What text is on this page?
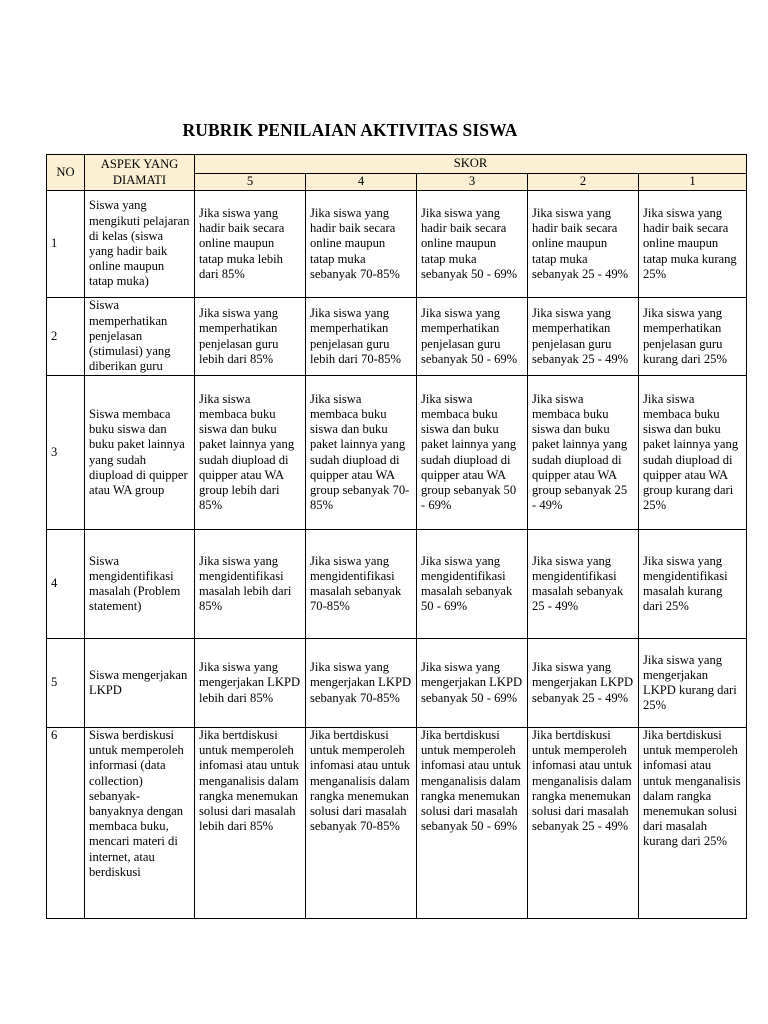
RUBRIK PENILAIAN AKTIVITAS SISWA
NO	ASPEK YANG DIAMATI	SKOR				
		5	4	3	2	1
1	Siswa yang mengikuti pelajaran di kelas (siswa yang hadir baik online maupun tatap muka)	Jika siswa yang hadir baik secara online maupun tatap muka lebih dari 85%	Jika siswa yang hadir baik secara online maupun tatap muka sebanyak 70-85%	Jika siswa yang hadir baik secara online maupun tatap muka sebanyak 50 - 69%	Jika siswa yang hadir baik secara online maupun tatap muka sebanyak 25 - 49%	Jika siswa yang hadir baik secara online maupun tatap muka kurang 25%
2	Siswa memperhatikan penjelasan (stimulasi) yang diberikan guru	Jika siswa yang memperhatikan penjelasan guru lebih dari 85%	Jika siswa yang memperhatikan penjelasan guru lebih dari 70-85%	Jika siswa yang memperhatikan penjelasan guru sebanyak 50 - 69%	Jika siswa yang memperhatikan penjelasan guru sebanyak 25 - 49%	Jika siswa yang memperhatikan penjelasan guru kurang dari 25%
3	Siswa membaca buku siswa dan buku paket lainnya yang sudah diupload di quipper atau WA group	Jika siswa membaca buku siswa dan buku paket lainnya yang sudah diupload di quipper atau WA group lebih dari 85%	Jika siswa membaca buku siswa dan buku paket lainnya yang sudah diupload di quipper atau WA group sebanyak 70-85%	Jika siswa membaca buku siswa dan buku paket lainnya yang sudah diupload di quipper atau WA group sebanyak 50 - 69%	Jika siswa membaca buku siswa dan buku paket lainnya yang sudah diupload di quipper atau WA group sebanyak 25 - 49%	Jika siswa membaca buku siswa dan buku paket lainnya yang sudah diupload di quipper atau WA group kurang dari 25%
4	Siswa mengidentifikasi masalah (Problem statement)	Jika siswa yang mengidentifikasi masalah lebih dari 85%	Jika siswa yang mengidentifikasi masalah sebanyak 70-85%	Jika siswa yang mengidentifikasi masalah sebanyak 50 - 69%	Jika siswa yang mengidentifikasi masalah sebanyak 25 - 49%	Jika siswa yang mengidentifikasi masalah kurang dari 25%
5	Siswa mengerjakan LKPD	Jika siswa yang mengerjakan LKPD lebih dari 85%	Jika siswa yang mengerjakan LKPD sebanyak 70-85%	Jika siswa yang mengerjakan LKPD sebanyak 50 - 69%	Jika siswa yang mengerjakan LKPD sebanyak 25 - 49%	Jika siswa yang mengerjakan LKPD kurang dari 25%
6	Siswa berdiskusi untuk memperoleh informasi (data collection) sebanyak-banyaknya dengan membaca buku, mencari materi di internet, atau berdiskusi	Jika bertdiskusi untuk memperoleh infomasi atau untuk menganalisis dalam rangka menemukan solusi dari masalah lebih dari 85%	Jika bertdiskusi untuk memperoleh infomasi atau untuk menganalisis dalam rangka menemukan solusi dari masalah sebanyak 70-85%	Jika bertdiskusi untuk memperoleh infomasi atau untuk menganalisis dalam rangka menemukan solusi dari masalah sebanyak 50 - 69%	Jika bertdiskusi untuk memperoleh infomasi atau untuk menganalisis dalam rangka menemukan solusi dari masalah sebanyak 25 - 49%	Jika bertdiskusi untuk memperoleh infomasi atau untuk menganalisis dalam rangka menemukan solusi dari masalah kurang dari 25%
